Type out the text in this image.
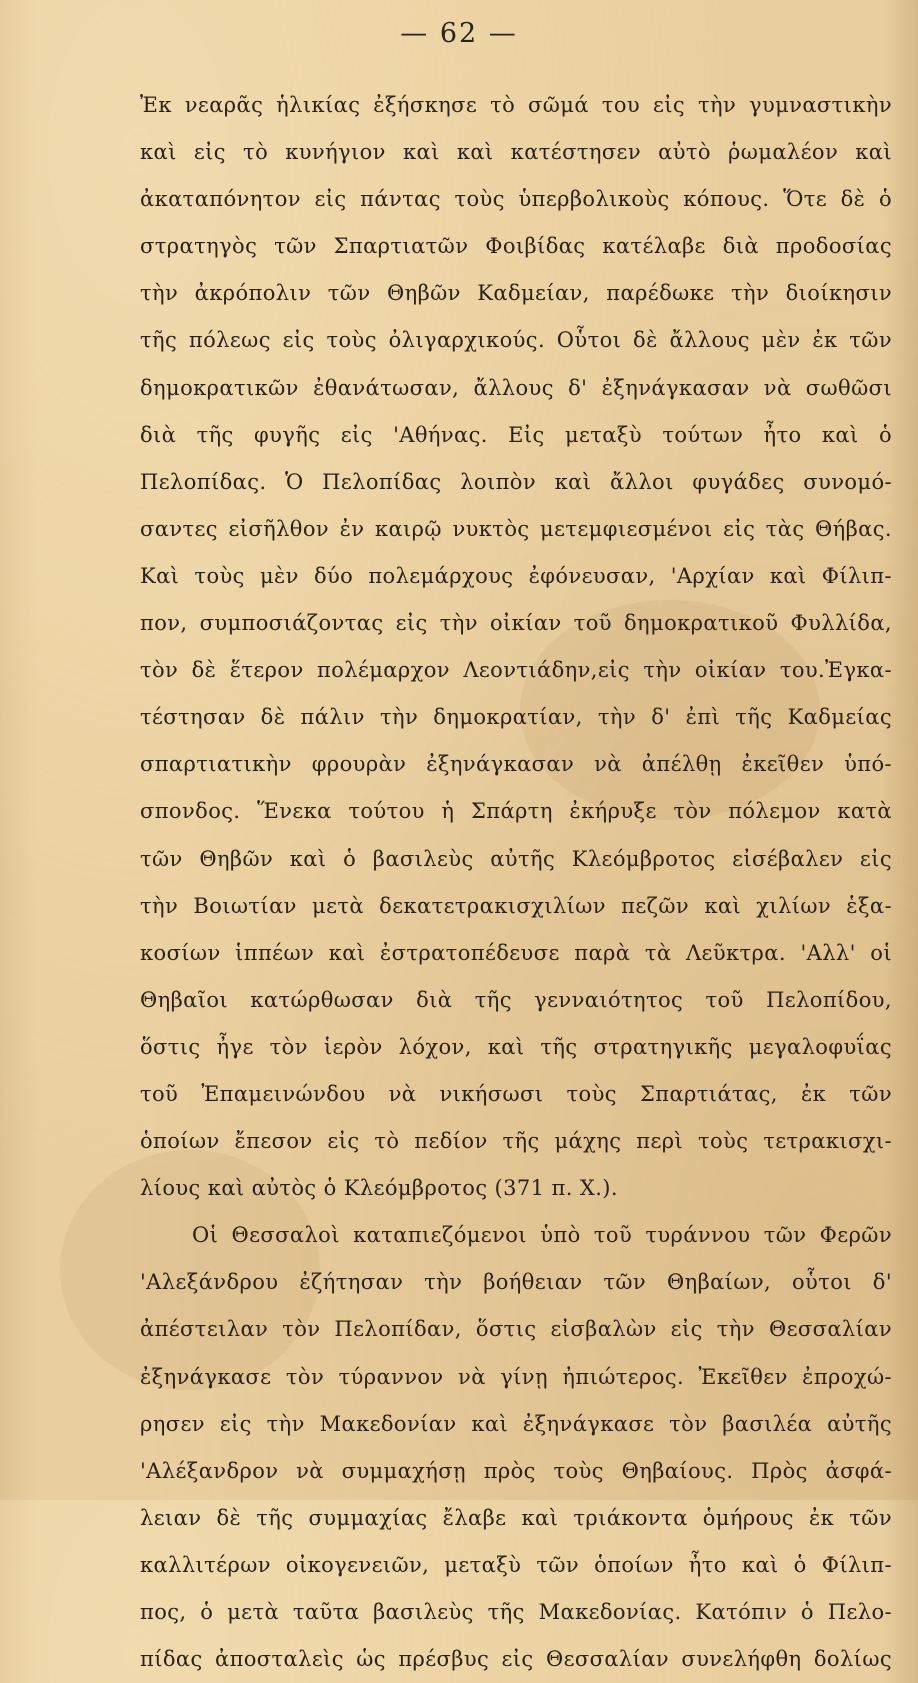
— 62 —
Ἐκ νεαρᾶς ἡλικίας ἐξήσκησε τὸ σῶμά του εἰς τὴν γυμναστικὴν
καὶ εἰς τὸ κυνήγιον καὶ καὶ κατέστησεν αὐτὸ ῥωμαλέον καὶ
ἀκαταπόνητον εἰς πάντας τοὺς ὑπερβολικοὺς κόπους. Ὅτε δὲ ὁ
στρατηγὸς τῶν Σπαρτιατῶν Φοιβίδας κατέλαβε διὰ προδοσίας
τὴν ἀκρόπολιν τῶν Θηβῶν Καδμείαν, παρέδωκε τὴν διοίκησιν
τῆς πόλεως εἰς τοὺς ὀλιγαρχικούς. Οὗτοι δὲ ἄλλους μὲν ἐκ τῶν
δημοκρατικῶν ἐθανάτωσαν, ἄλλους δ' ἐξηνάγκασαν νὰ σωθῶσι
διὰ τῆς φυγῆς εἰς 'Αθήνας. Εἰς μεταξὺ τούτων ἦτο καὶ ὁ
Πελοπίδας. Ὁ Πελοπίδας λοιπὸν καὶ ἄλλοι φυγάδες συνομό-
σαντες εἰσῆλθον ἐν καιρῷ νυκτὸς μετεμφιεσμένοι εἰς τὰς Θήβας.
Καὶ τοὺς μὲν δύο πολεμάρχους ἐφόνευσαν, 'Αρχίαν καὶ Φίλιπ-
πον, συμποσιάζοντας εἰς τὴν οἰκίαν τοῦ δημοκρατικοῦ Φυλλίδα,
τὸν δὲ ἕτερον πολέμαρχον Λεοντιάδην,εἰς τὴν οἰκίαν του.Ἐγκα-
τέστησαν δὲ πάλιν τὴν δημοκρατίαν, τὴν δ' ἐπὶ τῆς Καδμείας
σπαρτιατικὴν φρουρὰν ἐξηνάγκασαν νὰ ἀπέλθῃ ἐκεῖθεν ὑπό-
σπονδος. Ἕνεκα τούτου ἡ Σπάρτη ἐκήρυξε τὸν πόλεμον κατὰ
τῶν Θηβῶν καὶ ὁ βασιλεὺς αὐτῆς Κλεόμβροτος εἰσέβαλεν εἰς
τὴν Βοιωτίαν μετὰ δεκατετρακισχιλίων πεζῶν καὶ χιλίων ἑξα-
κοσίων ἱππέων καὶ ἐστρατοπέδευσε παρὰ τὰ Λεῦκτρα. 'Αλλ' οἱ
Θηβαῖοι κατώρθωσαν διὰ τῆς γενναιότητος τοῦ Πελοπίδου,
ὅστις ἦγε τὸν ἱερὸν λόχον, καὶ τῆς στρατηγικῆς μεγαλοφυΐας
τοῦ Ἐπαμεινώνδου νὰ νικήσωσι τοὺς Σπαρτιάτας, ἐκ τῶν
ὁποίων ἔπεσον εἰς τὸ πεδίον τῆς μάχης περὶ τοὺς τετρακισχι-
λίους καὶ αὐτὸς ὁ Κλεόμβροτος (371 π. Χ.).
Οἱ Θεσσαλοὶ καταπιεζόμενοι ὑπὸ τοῦ τυράννου τῶν Φερῶν
'Αλεξάνδρου ἐζήτησαν τὴν βοήθειαν τῶν Θηβαίων, οὗτοι δ'
ἀπέστειλαν τὸν Πελοπίδαν, ὅστις εἰσβαλὼν εἰς τὴν Θεσσαλίαν
ἐξηνάγκασε τὸν τύραννον νὰ γίνῃ ἠπιώτερος. Ἐκεῖθεν ἐπροχώ-
ρησεν εἰς τὴν Μακεδονίαν καὶ ἐξηνάγκασε τὸν βασιλέα αὐτῆς
'Αλέξανδρον νὰ συμμαχήσῃ πρὸς τοὺς Θηβαίους. Πρὸς ἀσφά-
λειαν δὲ τῆς συμμαχίας ἔλαβε καὶ τριάκοντα ὁμήρους ἐκ τῶν
καλλιτέρων οἰκογενειῶν, μεταξὺ τῶν ὁποίων ἦτο καὶ ὁ Φίλιπ-
πος, ὁ μετὰ ταῦτα βασιλεὺς τῆς Μακεδονίας. Κατόπιν ὁ Πελο-
πίδας ἀποσταλεὶς ὡς πρέσβυς εἰς Θεσσαλίαν συνελήφθη δολίως
